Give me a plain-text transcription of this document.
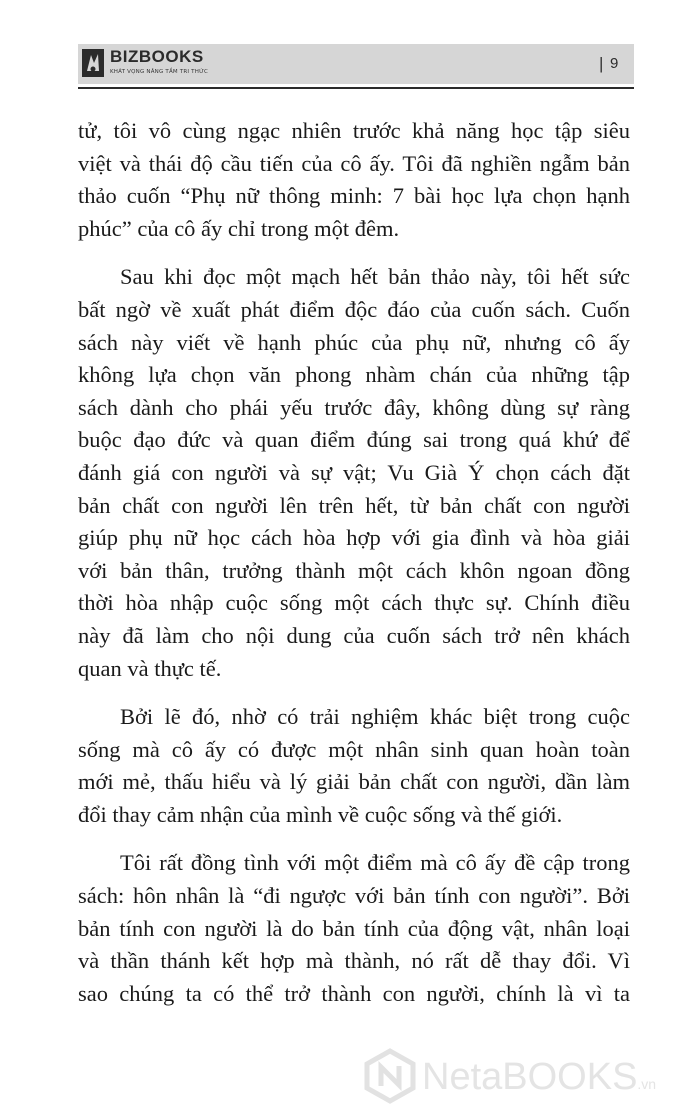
BIZBOOKS
KHÁT VỌNG NÂNG TẦM TRI THỨC	| 9
tử, tôi vô cùng ngạc nhiên trước khả năng học tập siêu
việt và thái độ cầu tiến của cô ấy. Tôi đã nghiền ngẫm bản
thảo cuốn “Phụ nữ thông minh: 7 bài học lựa chọn hạnh
phúc” của cô ấy chỉ trong một đêm.
Sau khi đọc một mạch hết bản thảo này, tôi hết sức
bất ngờ về xuất phát điểm độc đáo của cuốn sách. Cuốn
sách này viết về hạnh phúc của phụ nữ, nhưng cô ấy
không lựa chọn văn phong nhàm chán của những tập
sách dành cho phái yếu trước đây, không dùng sự ràng
buộc đạo đức và quan điểm đúng sai trong quá khứ để
đánh giá con người và sự vật; Vu Già Ý chọn cách đặt
bản chất con người lên trên hết, từ bản chất con người
giúp phụ nữ học cách hòa hợp với gia đình và hòa giải
với bản thân, trưởng thành một cách khôn ngoan đồng
thời hòa nhập cuộc sống một cách thực sự. Chính điều
này đã làm cho nội dung của cuốn sách trở nên khách
quan và thực tế.
Bởi lẽ đó, nhờ có trải nghiệm khác biệt trong cuộc
sống mà cô ấy có được một nhân sinh quan hoàn toàn
mới mẻ, thấu hiểu và lý giải bản chất con người, dần làm
đổi thay cảm nhận của mình về cuộc sống và thế giới.
Tôi rất đồng tình với một điểm mà cô ấy đề cập trong
sách: hôn nhân là “đi ngược với bản tính con người”. Bởi
bản tính con người là do bản tính của động vật, nhân loại
và thần thánh kết hợp mà thành, nó rất dễ thay đổi. Vì
sao chúng ta có thể trở thành con người, chính là vì ta
NetaBOOKS.vn
